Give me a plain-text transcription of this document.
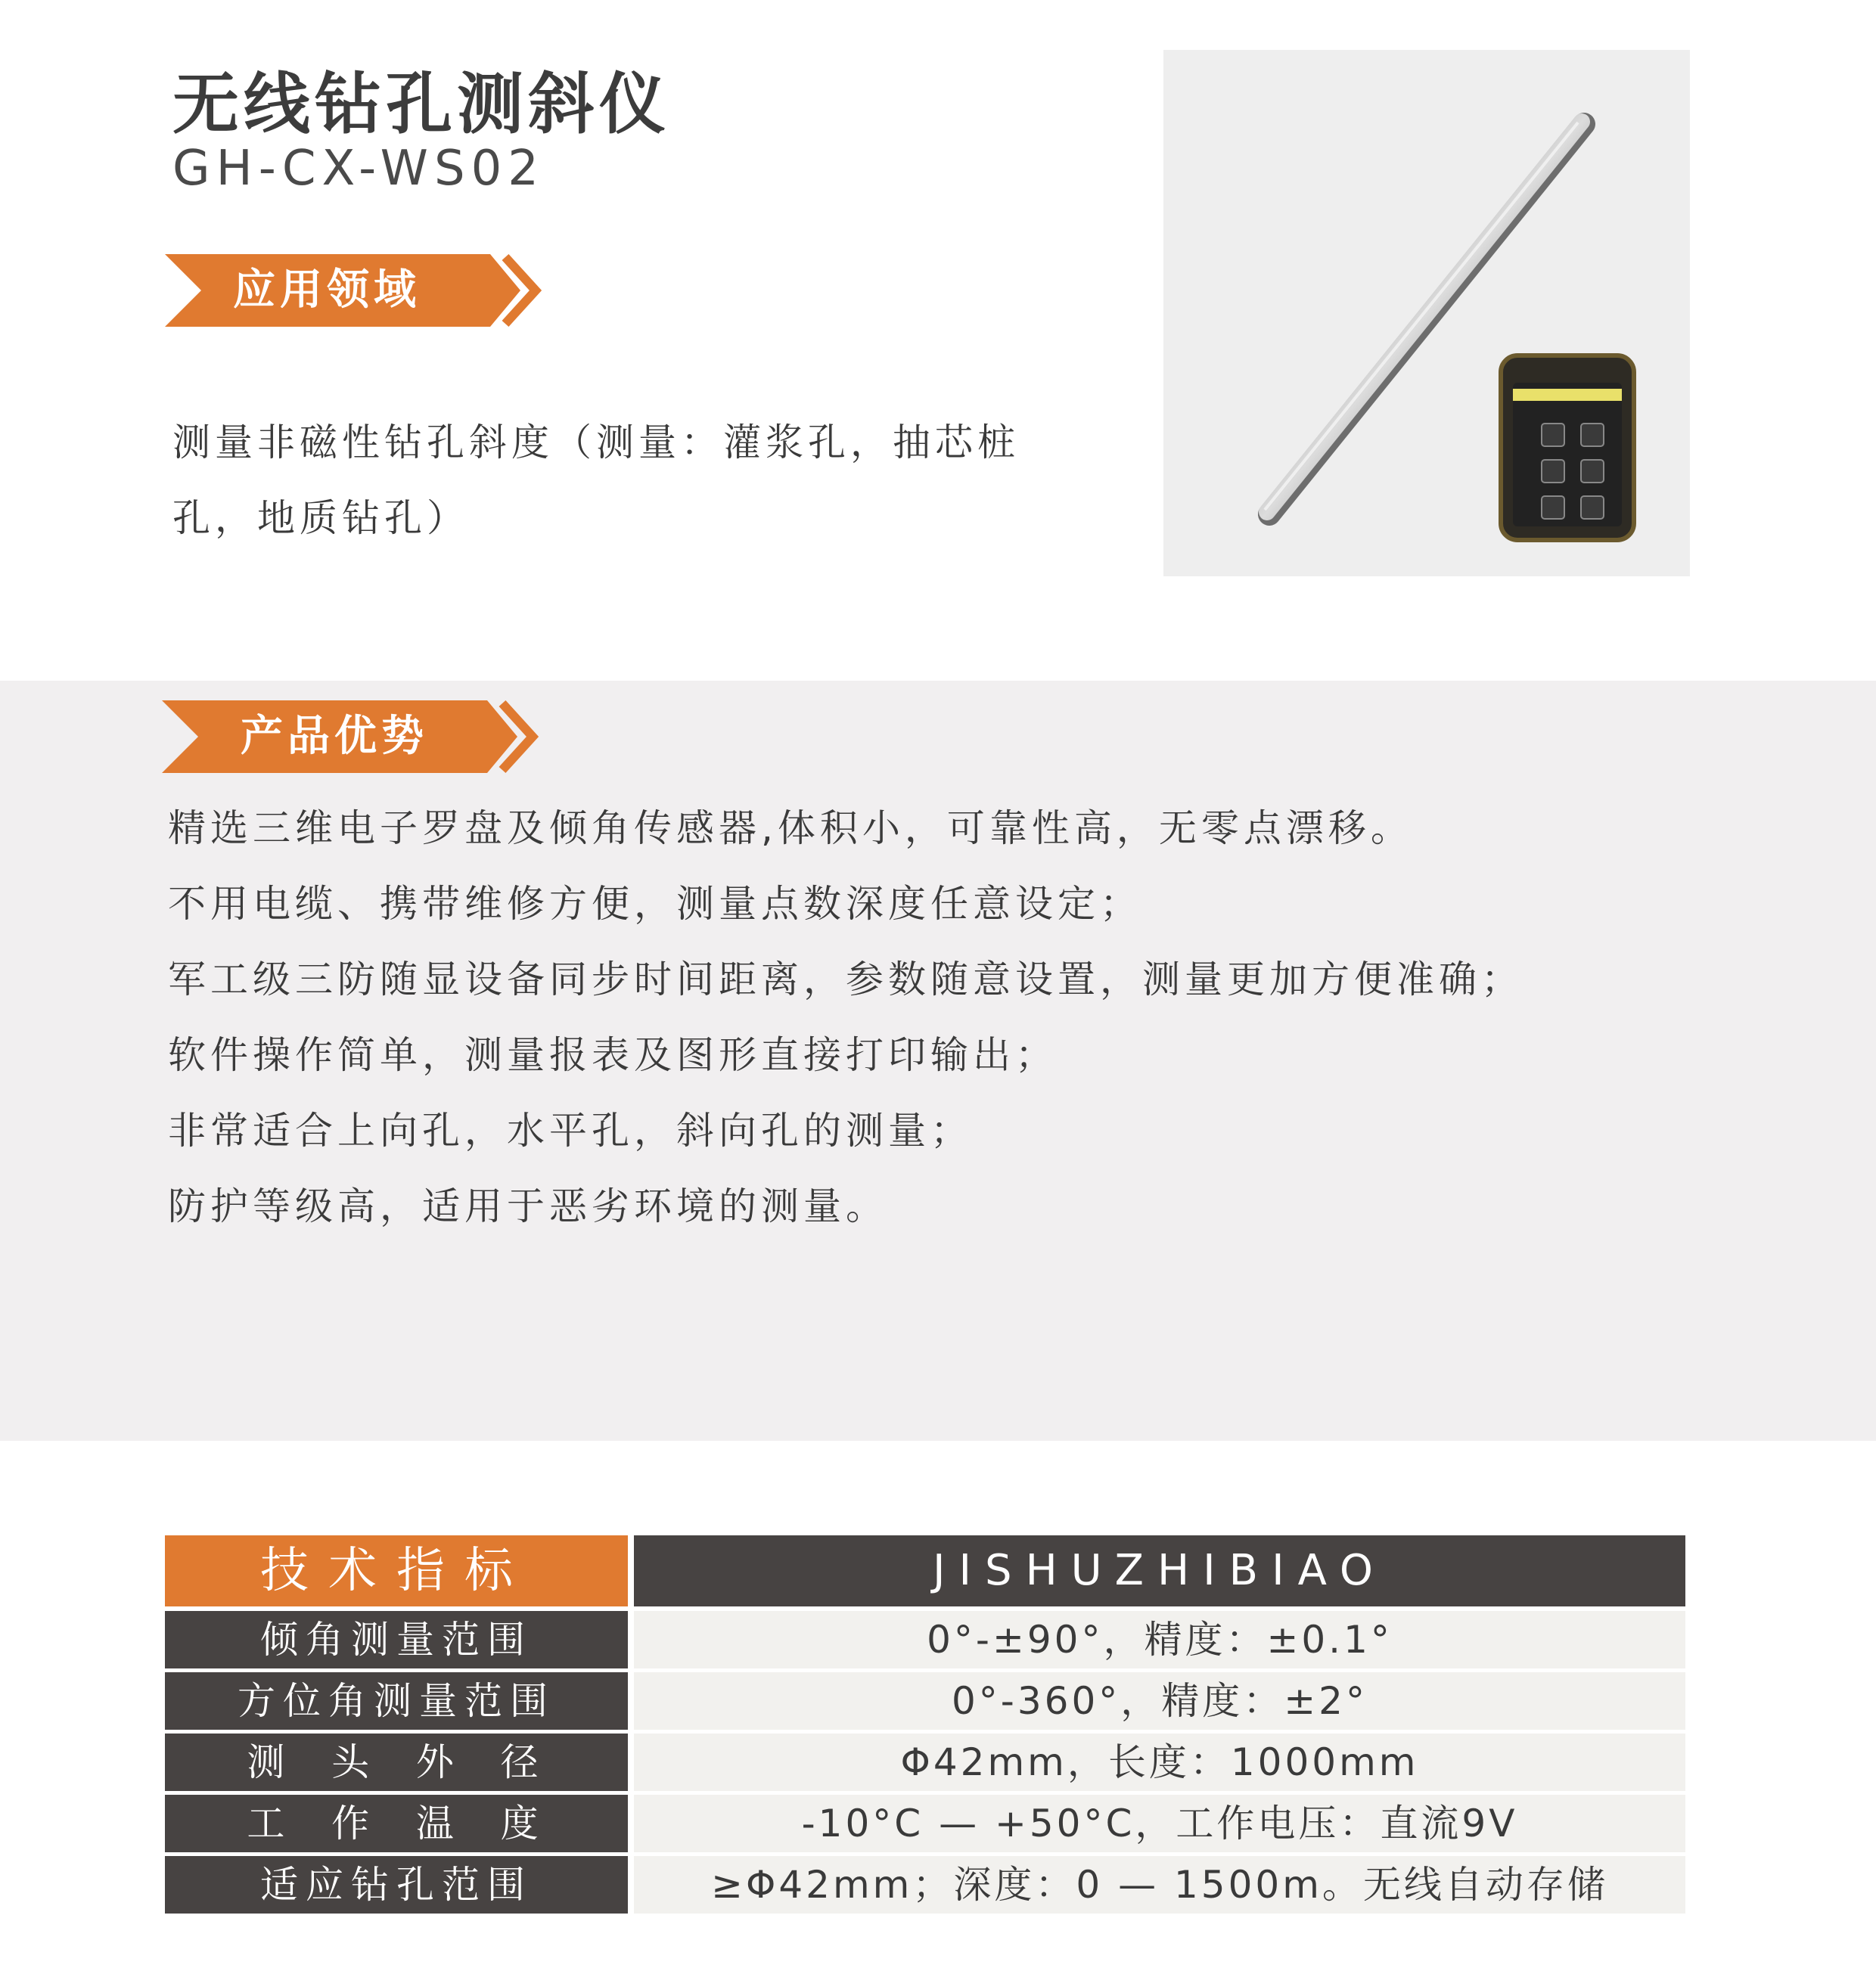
无线钻孔测斜仪
GH-CX-WS02
应用领域
测量非磁性钻孔斜度（测量：灌浆孔，抽芯桩孔，地质钻孔）
产品优势
精选三维电子罗盘及倾角传感器,体积小，可靠性高，无零点漂移。
不用电缆、携带维修方便，测量点数深度任意设定；
军工级三防随显设备同步时间距离，参数随意设置，测量更加方便准确；
软件操作简单，测量报表及图形直接打印输出；
非常适合上向孔，水平孔，斜向孔的测量；
防护等级高，适用于恶劣环境的测量。
技术指标	JISHUZHIBIAO
倾角测量范围	0°-±90°，精度：±0.1°
方位角测量范围	0°-360°，精度：±2°
测  头  外  径	Φ42mm，长度：1000mm
工  作  温  度	-10°C — +50°C，工作电压：直流9V
适应钻孔范围	≥Φ42mm；深度：0 — 1500m。无线自动存储
